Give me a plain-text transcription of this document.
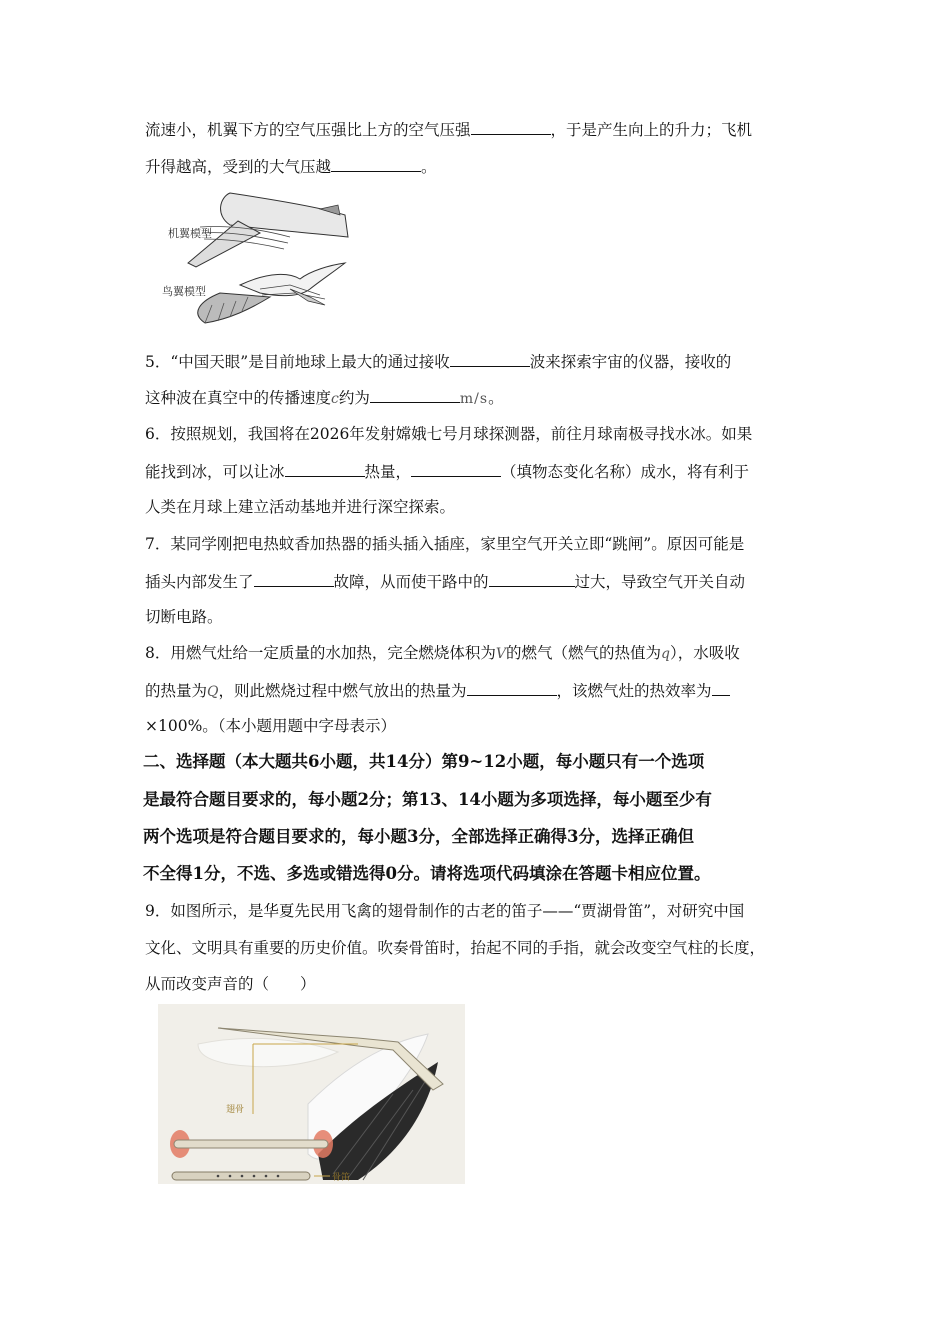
流速小，机翼下方的空气压强比上方的空气压强	，于是产生向上的升力；飞机
升得越高，受到的大气压越	。
机翼模型
鸟翼模型
5．“中国天眼”是目前地球上最大的通过接收	波来探索宇宙的仪器，接收的
这种波在真空中的传播速度c约为	m/s。
6．按照规划，我国将在2026年发射嫦娥七号月球探测器，前往月球南极寻找水冰。如果
能找到冰，可以让冰	热量，	（填物态变化名称）成水，将有利于
人类在月球上建立活动基地并进行深空探索。
7．某同学刚把电热蚊香加热器的插头插入插座，家里空气开关立即“跳闸”。原因可能是
插头内部发生了	故障，从而使干路中的	过大，导致空气开关自动
切断电路。
8．用燃气灶给一定质量的水加热，完全燃烧体积为V的燃气（燃气的热值为q），水吸收
的热量为Q，则此燃烧过程中燃气放出的热量为	，该燃气灶的热效率为
×100%。（本小题用题中字母表示）
二、选择题（本大题共6小题，共14分）第9~12小题，每小题只有一个选项
是最符合题目要求的，每小题2分；第13、14小题为多项选择，每小题至少有
两个选项是符合题目要求的，每小题3分，全部选择正确得3分，选择正确但
不全得1分，不选、多选或错选得0分。请将选项代码填涂在答题卡相应位置。
9．如图所示，是华夏先民用飞禽的翅骨制作的古老的笛子——“贾湖骨笛”，对研究中国
文化、文明具有重要的历史价值。吹奏骨笛时，抬起不同的手指，就会改变空气柱的长度，
从而改变声音的（　　）
翅骨
骨笛
